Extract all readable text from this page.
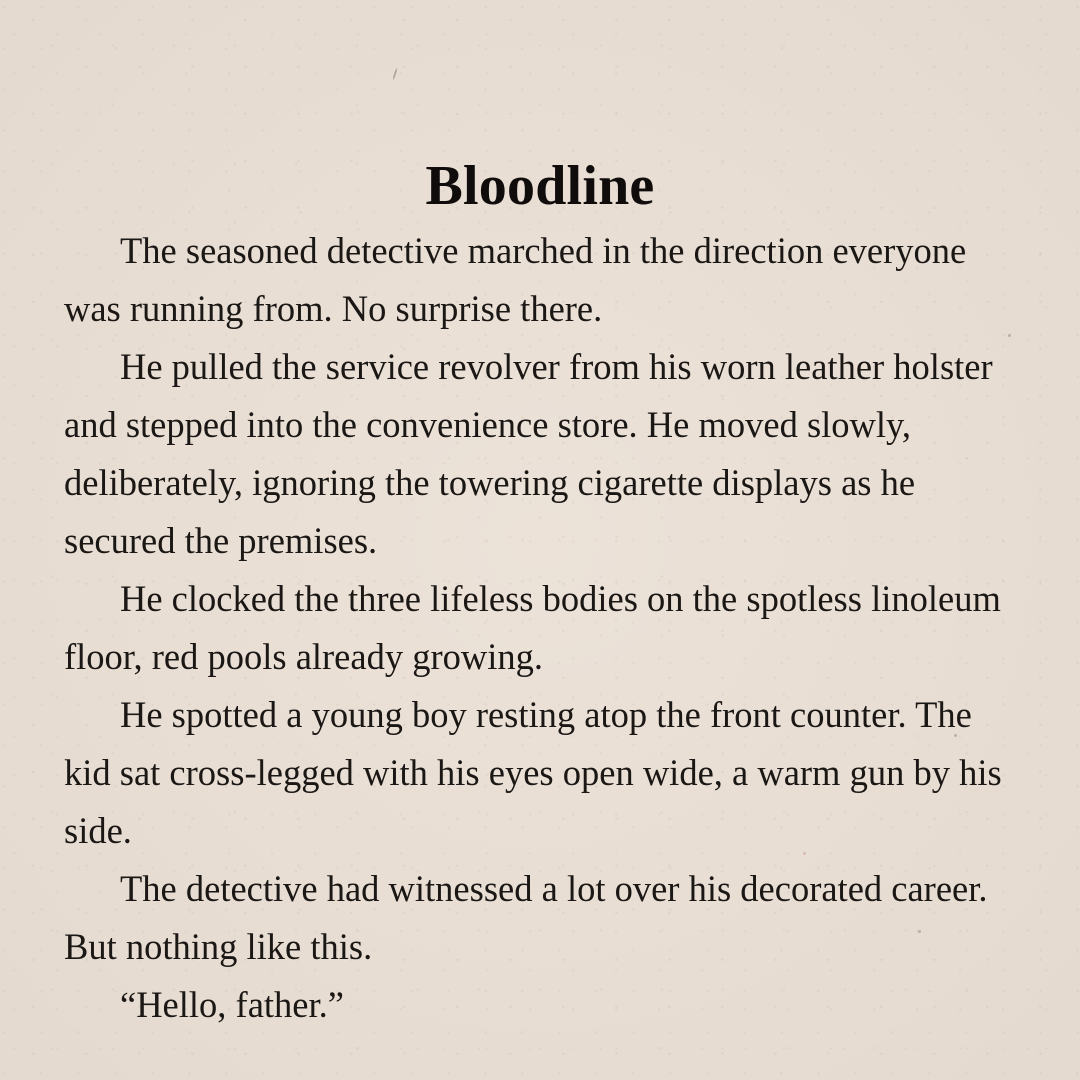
Bloodline

The seasoned detective marched in the direction everyone was running from. No surprise there.

He pulled the service revolver from his worn leather holster and stepped into the convenience store. He moved slowly, deliberately, ignoring the towering cigarette displays as he secured the premises.

He clocked the three lifeless bodies on the spotless linoleum floor, red pools already growing.

He spotted a young boy resting atop the front counter. The kid sat cross-legged with his eyes open wide, a warm gun by his side.

The detective had witnessed a lot over his decorated career. But nothing like this.

“Hello, father.”
